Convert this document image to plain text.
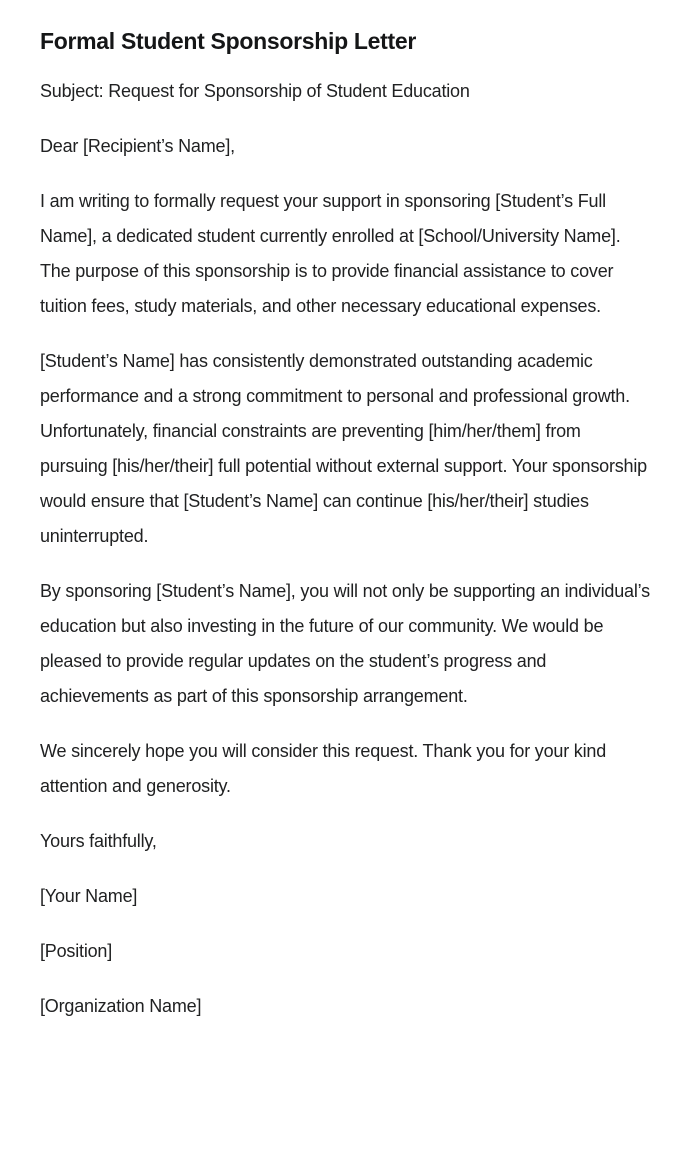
Formal Student Sponsorship Letter

Subject: Request for Sponsorship of Student Education

Dear [Recipient’s Name],

I am writing to formally request your support in sponsoring [Student’s Full Name], a dedicated student currently enrolled at [School/University Name]. The purpose of this sponsorship is to provide financial assistance to cover tuition fees, study materials, and other necessary educational expenses.

[Student’s Name] has consistently demonstrated outstanding academic performance and a strong commitment to personal and professional growth. Unfortunately, financial constraints are preventing [him/her/them] from pursuing [his/her/their] full potential without external support. Your sponsorship would ensure that [Student’s Name] can continue [his/her/their] studies uninterrupted.

By sponsoring [Student’s Name], you will not only be supporting an individual’s education but also investing in the future of our community. We would be pleased to provide regular updates on the student’s progress and achievements as part of this sponsorship arrangement.

We sincerely hope you will consider this request. Thank you for your kind attention and generosity.

Yours faithfully,

[Your Name]

[Position]

[Organization Name]
